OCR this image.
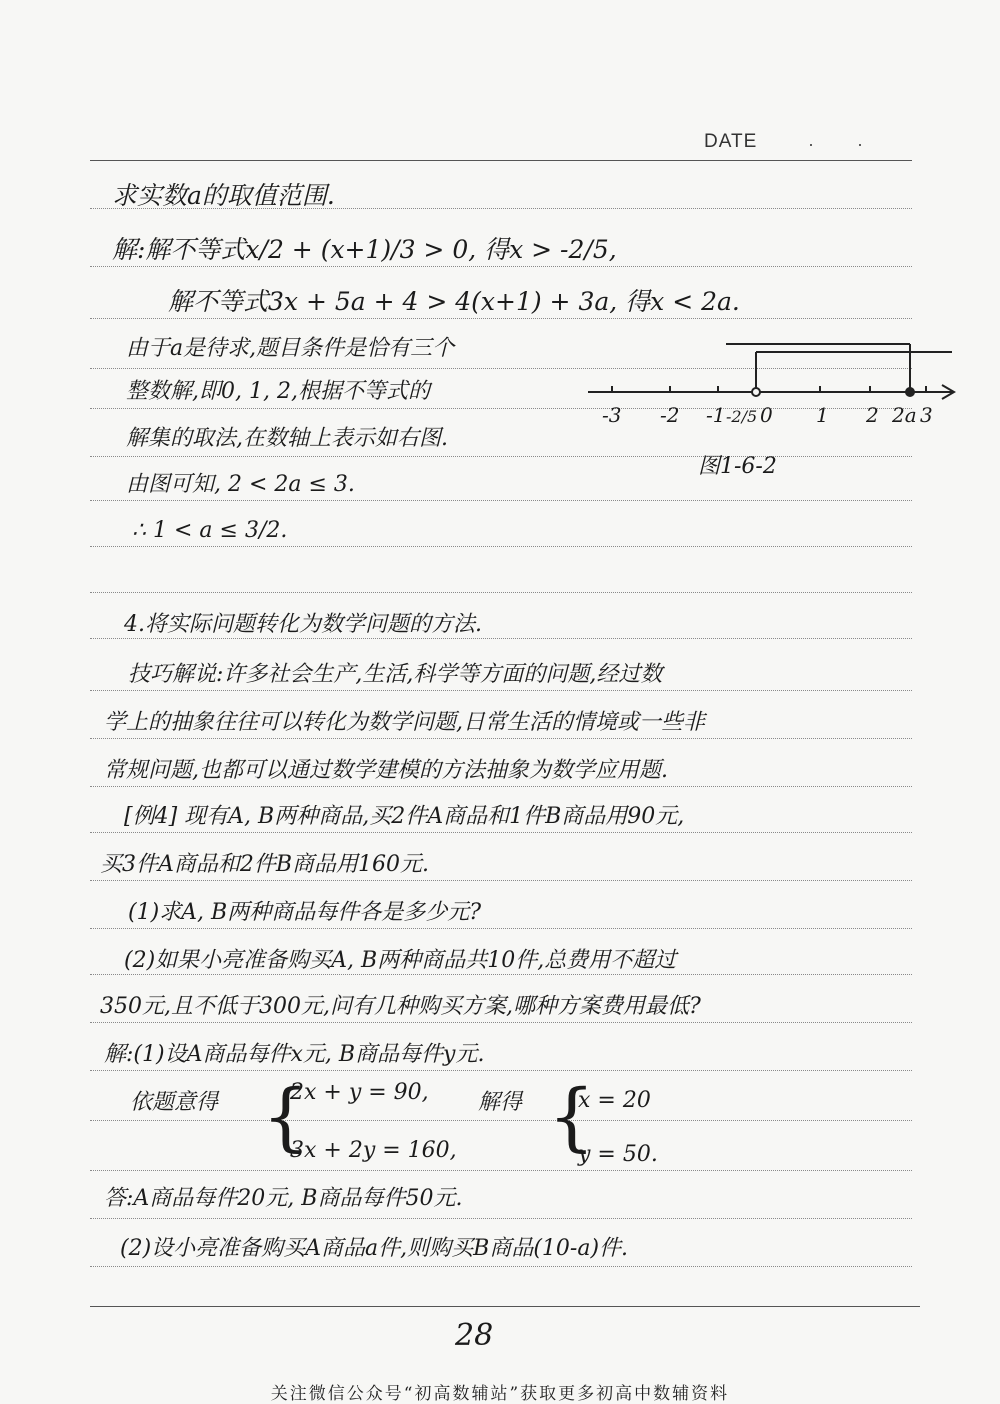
DATE	· ·
求实数a的取值范围.
解:解不等式x/2 + (x+1)/3 > 0, 得x > -2/5,
解不等式3x + 5a + 4 > 4(x+1) + 3a, 得x < 2a.
由于a是待求,题目条件是恰有三个
整数解,即0, 1, 2,根据不等式的
解集的取法,在数轴上表示如右图.
由图可知, 2 < 2a ≤ 3.
∴ 1 < a ≤ 3/2.
4.将实际问题转化为数学问题的方法.
技巧解说:许多社会生产,生活,科学等方面的问题,经过数
学上的抽象往往可以转化为数学问题,日常生活的情境或一些非
常规问题,也都可以通过数学建模的方法抽象为数学应用题.
[例4] 现有A, B两种商品,买2件A商品和1件B商品用90元,
买3件A商品和2件B商品用160元.
(1)求A, B两种商品每件各是多少元?
(2)如果小亮准备购买A, B两种商品共10件,总费用不超过
350元,且不低于300元,问有几种购买方案,哪种方案费用最低?
解:(1)设A商品每件x元, B商品每件y元.
依题意得 {
2x + y = 90,
3x + 2y = 160,
解得 {
x = 20
y = 50.
答:A商品每件20元, B商品每件50元.
(2)设小亮准备购买A商品a件,则购买B商品(10-a)件.
-3 -2 -1 -2/5 0 1 2 2a 3
图1-6-2
28
关注微信公众号“初高数辅站”获取更多初高中数辅资料
